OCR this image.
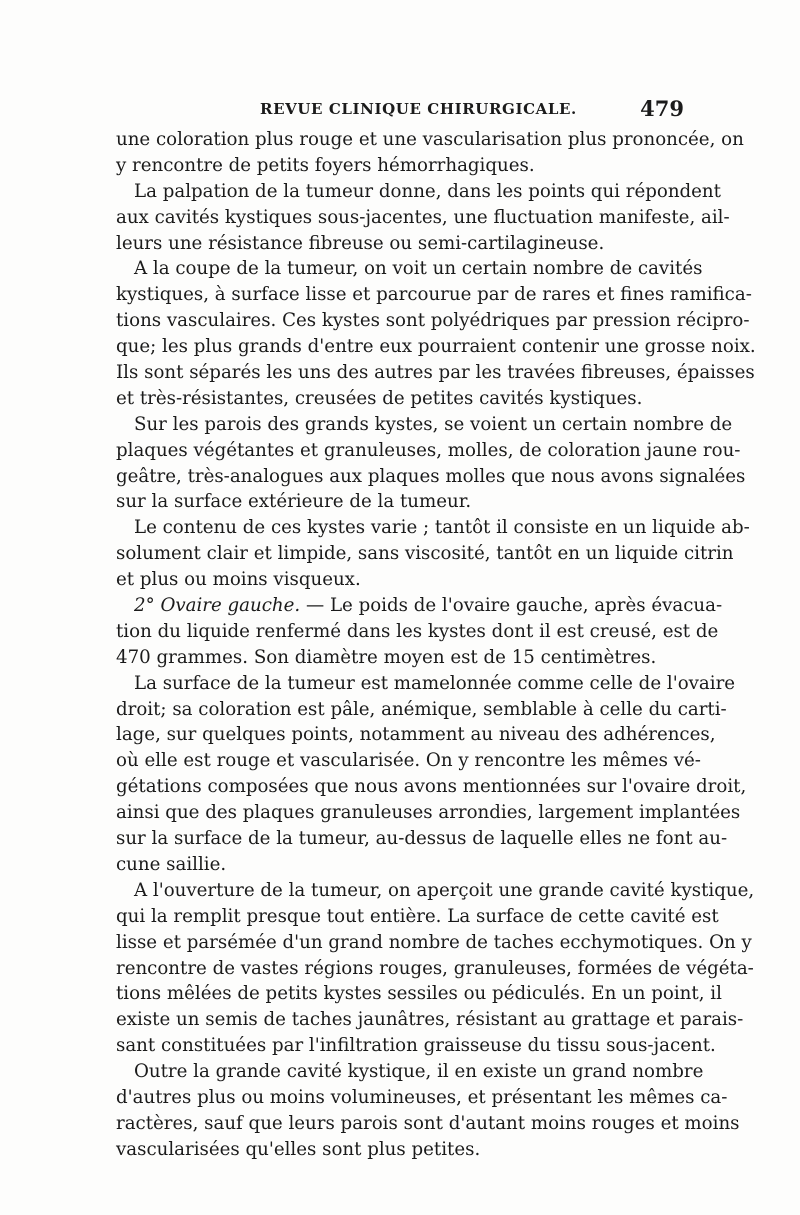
REVUE CLINIQUE CHIRURGICALE.	479
une coloration plus rouge et une vascularisation plus prononcée, on
y rencontre de petits foyers hémorrhagiques.
La palpation de la tumeur donne, dans les points qui répondent
aux cavités kystiques sous-jacentes, une fluctuation manifeste, ail-
leurs une résistance fibreuse ou semi-cartilagineuse.
A la coupe de la tumeur, on voit un certain nombre de cavités
kystiques, à surface lisse et parcourue par de rares et fines ramifica-
tions vasculaires. Ces kystes sont polyédriques par pression récipro-
que; les plus grands d'entre eux pourraient contenir une grosse noix.
Ils sont séparés les uns des autres par les travées fibreuses, épaisses
et très-résistantes, creusées de petites cavités kystiques.
Sur les parois des grands kystes, se voient un certain nombre de
plaques végétantes et granuleuses, molles, de coloration jaune rou-
geâtre, très-analogues aux plaques molles que nous avons signalées
sur la surface extérieure de la tumeur.
Le contenu de ces kystes varie ; tantôt il consiste en un liquide ab-
solument clair et limpide, sans viscosité, tantôt en un liquide citrin
et plus ou moins visqueux.
2° Ovaire gauche. — Le poids de l'ovaire gauche, après évacua-
tion du liquide renfermé dans les kystes dont il est creusé, est de
470 grammes. Son diamètre moyen est de 15 centimètres.
La surface de la tumeur est mamelonnée comme celle de l'ovaire
droit; sa coloration est pâle, anémique, semblable à celle du carti-
lage, sur quelques points, notamment au niveau des adhérences,
où elle est rouge et vascularisée. On y rencontre les mêmes vé-
gétations composées que nous avons mentionnées sur l'ovaire droit,
ainsi que des plaques granuleuses arrondies, largement implantées
sur la surface de la tumeur, au-dessus de laquelle elles ne font au-
cune saillie.
A l'ouverture de la tumeur, on aperçoit une grande cavité kystique,
qui la remplit presque tout entière. La surface de cette cavité est
lisse et parsémée d'un grand nombre de taches ecchymotiques. On y
rencontre de vastes régions rouges, granuleuses, formées de végéta-
tions mêlées de petits kystes sessiles ou pédiculés. En un point, il
existe un semis de taches jaunâtres, résistant au grattage et parais-
sant constituées par l'infiltration graisseuse du tissu sous-jacent.
Outre la grande cavité kystique, il en existe un grand nombre
d'autres plus ou moins volumineuses, et présentant les mêmes ca-
ractères, sauf que leurs parois sont d'autant moins rouges et moins
vascularisées qu'elles sont plus petites.
